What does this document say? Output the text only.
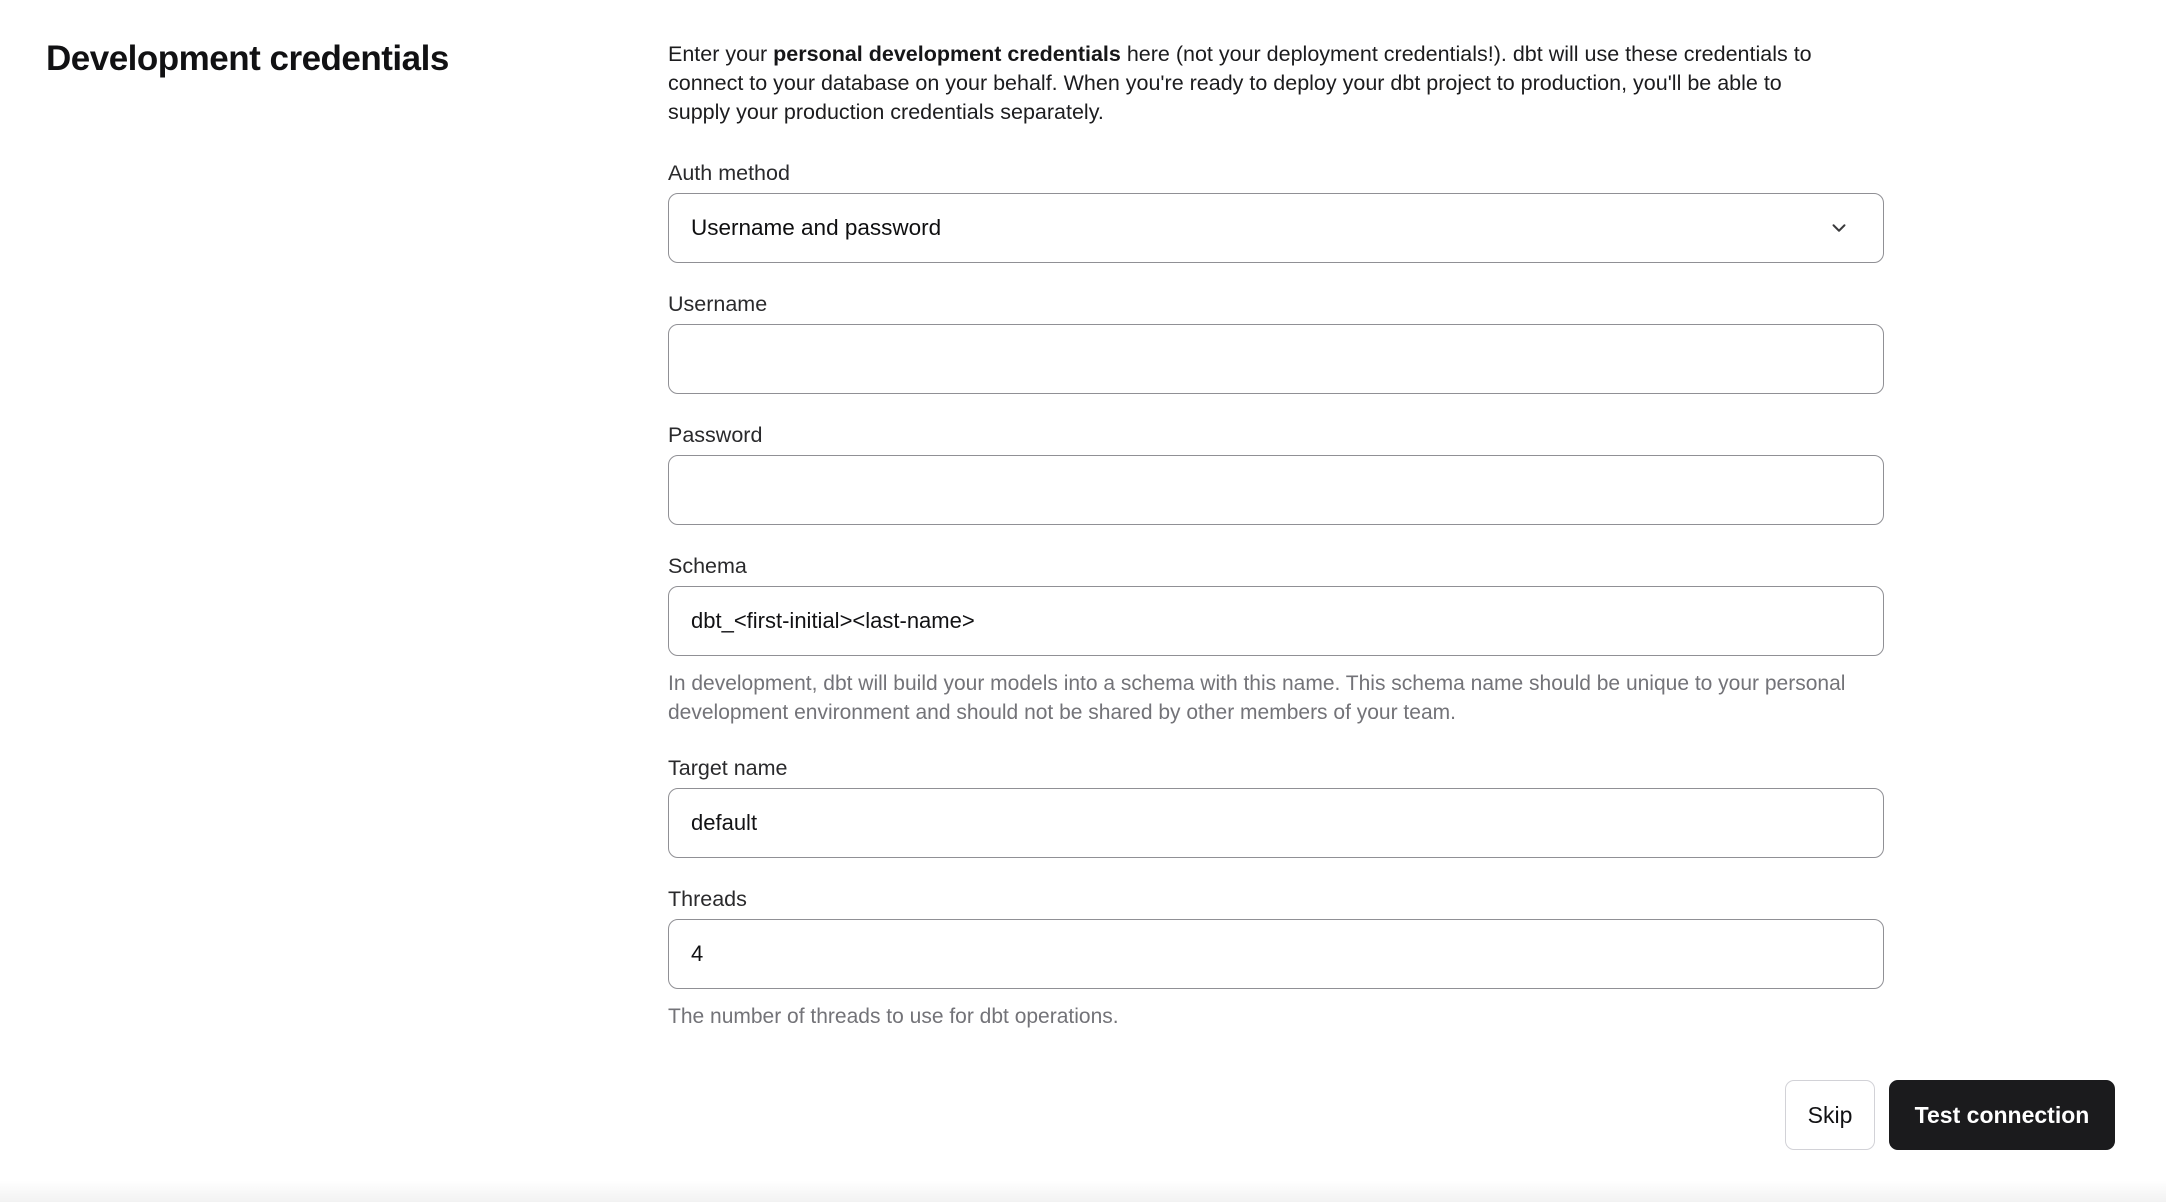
Development credentials	Enter your personal development credentials here (not your deployment credentials!). dbt will use these credentials to connect to your database on your behalf. When you're ready to deploy your dbt project to production, you'll be able to supply your production credentials separately.

Auth method
Username and password
Username
Password
Schema
dbt_<first-initial><last-name>

In development, dbt will build your models into a schema with this name. This schema name should be unique to your personal development environment and should not be shared by other members of your team.

Target name
default
Threads
4

The number of threads to use for dbt operations.

Skip	Test connection
